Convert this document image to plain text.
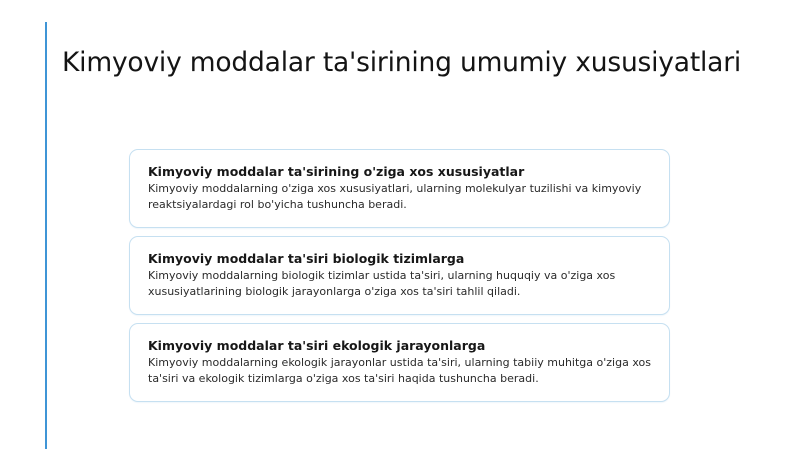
Kimyoviy moddalar ta'sirining umumiy xususiyatlari

Kimyoviy moddalar ta'sirining o'ziga xos xususiyatlar

Kimyoviy moddalarning o'ziga xos xususiyatlari, ularning molekulyar tuzilishi va kimyoviy reaktsiyalardagi rol bo'yicha tushuncha beradi.

Kimyoviy moddalar ta'siri biologik tizimlarga

Kimyoviy moddalarning biologik tizimlar ustida ta'siri, ularning huquqiy va o'ziga xos xususiyatlarining biologik jarayonlarga o'ziga xos ta'siri tahlil qiladi.

Kimyoviy moddalar ta'siri ekologik jarayonlarga

Kimyoviy moddalarning ekologik jarayonlar ustida ta'siri, ularning tabiiy muhitga o'ziga xos ta'siri va ekologik tizimlarga o'ziga xos ta'siri haqida tushuncha beradi.
